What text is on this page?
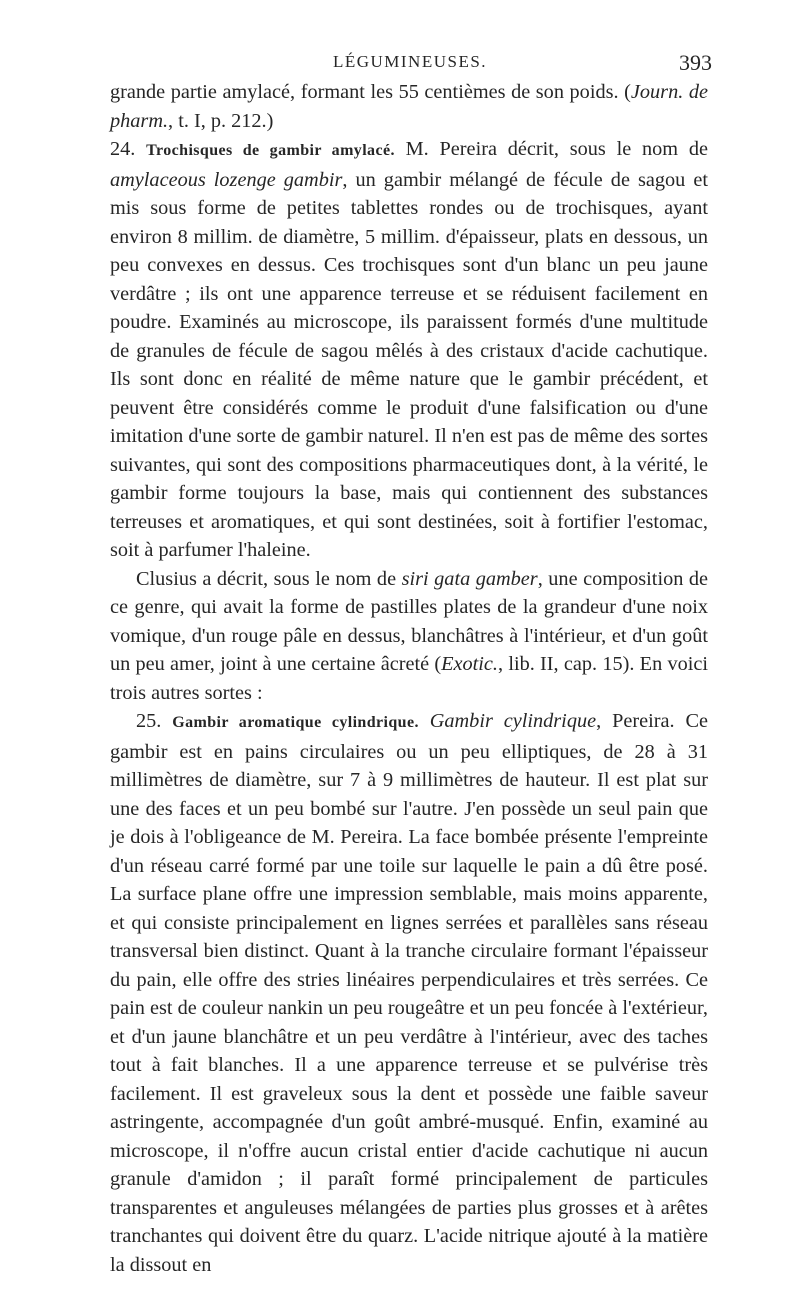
LÉGUMINEUSES.	393

grande partie amylacé, formant les 55 centièmes de son poids. (Journ. de pharm., t. I, p. 212.)

24. Trochisques de gambir amylacé. M. Pereira décrit, sous le nom de amylaceous lozenge gambir, un gambir mélangé de fécule de sagou et mis sous forme de petites tablettes rondes ou de trochisques, ayant environ 8 millim. de diamètre, 5 millim. d'épaisseur, plats en dessous, un peu convexes en dessus. Ces trochisques sont d'un blanc un peu jaune verdâtre ; ils ont une apparence terreuse et se réduisent facilement en poudre. Examinés au microscope, ils paraissent formés d'une multitude de granules de fécule de sagou mêlés à des cristaux d'acide cachutique. Ils sont donc en réalité de même nature que le gambir précédent, et peuvent être considérés comme le produit d'une falsification ou d'une imitation d'une sorte de gambir naturel. Il n'en est pas de même des sortes suivantes, qui sont des compositions pharmaceutiques dont, à la vérité, le gambir forme toujours la base, mais qui contiennent des substances terreuses et aromatiques, et qui sont destinées, soit à fortifier l'estomac, soit à parfumer l'haleine.

Clusius a décrit, sous le nom de siri gata gamber, une composition de ce genre, qui avait la forme de pastilles plates de la grandeur d'une noix vomique, d'un rouge pâle en dessus, blanchâtres à l'intérieur, et d'un goût un peu amer, joint à une certaine âcreté (Exotic., lib. II, cap. 15). En voici trois autres sortes :

25. Gambir aromatique cylindrique. Gambir cylindrique, Pereira. Ce gambir est en pains circulaires ou un peu elliptiques, de 28 à 31 millimètres de diamètre, sur 7 à 9 millimètres de hauteur. Il est plat sur une des faces et un peu bombé sur l'autre. J'en possède un seul pain que je dois à l'obligeance de M. Pereira. La face bombée présente l'empreinte d'un réseau carré formé par une toile sur laquelle le pain a dû être posé. La surface plane offre une impression semblable, mais moins apparente, et qui consiste principalement en lignes serrées et parallèles sans réseau transversal bien distinct. Quant à la tranche circulaire formant l'épaisseur du pain, elle offre des stries linéaires perpendiculaires et très serrées. Ce pain est de couleur nankin un peu rougeâtre et un peu foncée à l'extérieur, et d'un jaune blanchâtre et un peu verdâtre à l'intérieur, avec des taches tout à fait blanches. Il a une apparence terreuse et se pulvérise très facilement. Il est graveleux sous la dent et possède une faible saveur astringente, accompagnée d'un goût ambré-musqué. Enfin, examiné au microscope, il n'offre aucun cristal entier d'acide cachutique ni aucun granule d'amidon ; il paraît formé principalement de particules transparentes et anguleuses mélangées de parties plus grosses et à arêtes tranchantes qui doivent être du quarz. L'acide nitrique ajouté à la matière la dissout en
